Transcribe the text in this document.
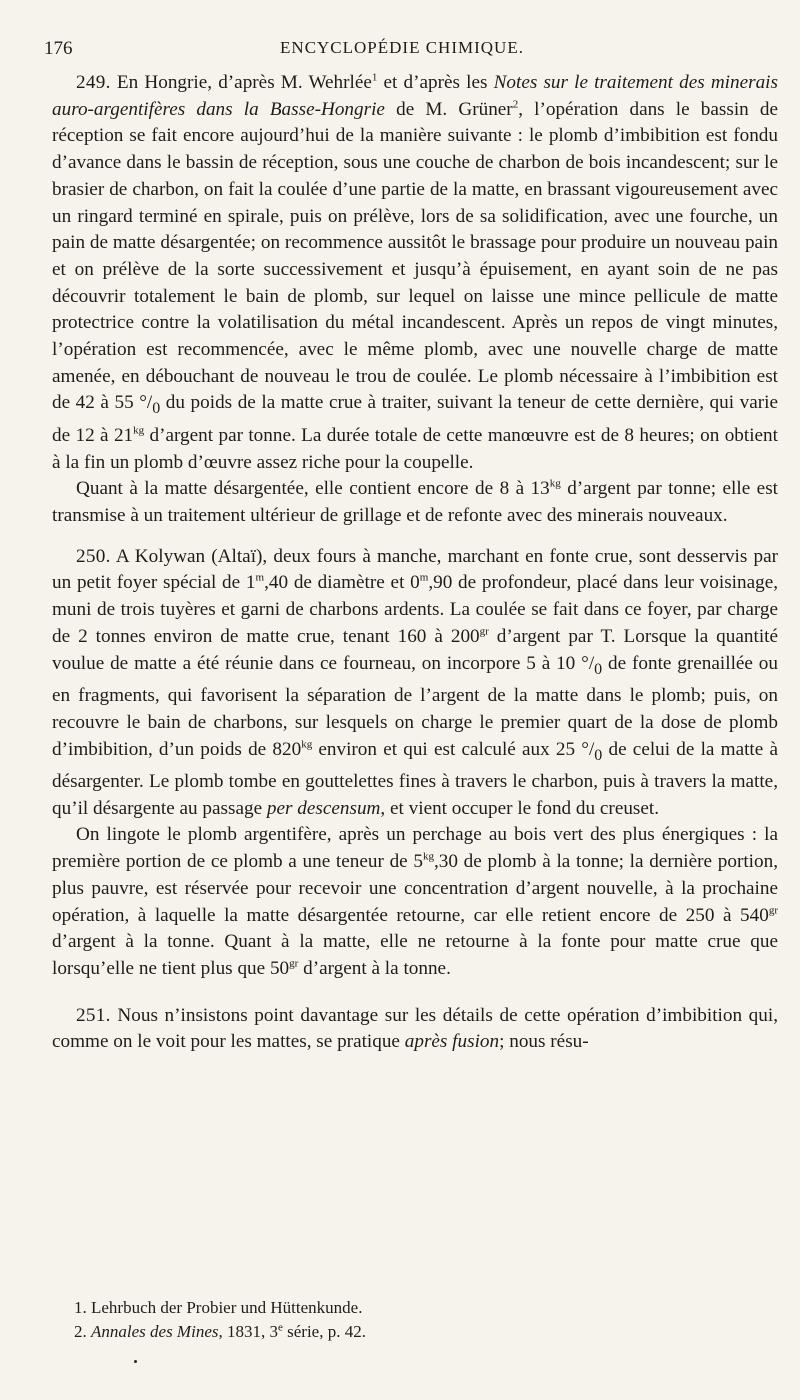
176	ENCYCLOPÉDIE CHIMIQUE.

249. En Hongrie, d’après M. Wehrlée$^1$ et d’après les Notes sur le traitement des minerais auro-argentifères dans la Basse-Hongrie de M. Grüner$^2$, l’opération dans le bassin de réception se fait encore aujourd’hui de la manière suivante : le plomb d’imbibition est fondu d’avance dans le bassin de réception, sous une couche de charbon de bois incandescent; sur le brasier de charbon, on fait la coulée d’une partie de la matte, en brassant vigoureusement avec un ringard terminé en spirale, puis on prélève, lors de sa solidification, avec une fourche, un pain de matte désargentée; on recommence aussitôt le brassage pour produire un nouveau pain et on prélève de la sorte successivement et jusqu’à épuisement, en ayant soin de ne pas découvrir totalement le bain de plomb, sur lequel on laisse une mince pellicule de matte protectrice contre la volatilisation du métal incandescent. Après un repos de vingt minutes, l’opération est recommencée, avec le même plomb, avec une nouvelle charge de matte amenée, en débouchant de nouveau le trou de coulée. Le plomb nécessaire à l’imbibition est de 42 à 55 $^\circ/_0$ du poids de la matte crue à traiter, suivant la teneur de cette dernière, qui varie de 12 à $21^{kg}$ d’argent par tonne. La durée totale de cette manœuvre est de 8 heures; on obtient à la fin un plomb d’œuvre assez riche pour la coupelle.

Quant à la matte désargentée, elle contient encore de 8 à $13^{kg}$ d’argent par tonne; elle est transmise à un traitement ultérieur de grillage et de refonte avec des minerais nouveaux.

250. A Kolywan (Altaï), deux fours à manche, marchant en fonte crue, sont desservis par un petit foyer spécial de 1$^m$,40 de diamètre et 0$^m$,90 de profondeur, placé dans leur voisinage, muni de trois tuyères et garni de charbons ardents. La coulée se fait dans ce foyer, par charge de 2 tonnes environ de matte crue, tenant 160 à $200^{gr}$ d’argent par T. Lorsque la quantité voulue de matte a été réunie dans ce fourneau, on incorpore 5 à 10 $^\circ/_0$ de fonte grenaillée ou en fragments, qui favorisent la séparation de l’argent de la matte dans le plomb; puis, on recouvre le bain de charbons, sur lesquels on charge le premier quart de la dose de plomb d’imbibition, d’un poids de $820^{kg}$ environ et qui est calculé aux 25 $^\circ/_0$ de celui de la matte à désargenter. Le plomb tombe en gouttelettes fines à travers le charbon, puis à travers la matte, qu’il désargente au passage per descensum, et vient occuper le fond du creuset.

On lingote le plomb argentifère, après un perchage au bois vert des plus énergiques : la première portion de ce plomb a une teneur de $5^{kg},30$ de plomb à la tonne; la dernière portion, plus pauvre, est réservée pour recevoir une concentration d’argent nouvelle, à la prochaine opération, à laquelle la matte désargentée retourne, car elle retient encore de 250 à $540^{gr}$ d’argent à la tonne. Quant à la matte, elle ne retourne à la fonte pour matte crue que lorsqu’elle ne tient plus que $50^{gr}$ d’argent à la tonne.

251. Nous n’insistons point davantage sur les détails de cette opération d’imbibition qui, comme on le voit pour les mattes, se pratique après fusion; nous résu-

1. Lehrbuch der Probier und Hüttenkunde.
2. Annales des Mines, 1831, 3e série, p. 42.
